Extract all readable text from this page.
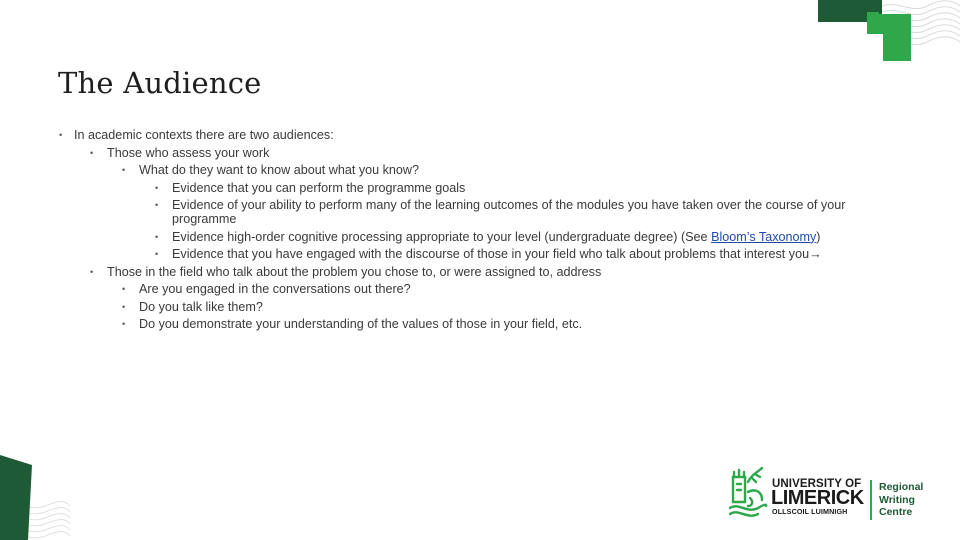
The Audience
• In academic contexts there are two audiences:
• Those who assess your work
• What do they want to know about what you know?
• Evidence that you can perform the programme goals
• Evidence of your ability to perform many of the learning outcomes of the modules you have taken over the course of your programme
• Evidence high-order cognitive processing appropriate to your level (undergraduate degree) (See Bloom’s Taxonomy)
• Evidence that you have engaged with the discourse of those in your field who talk about problems that interest you→
• Those in the field who talk about the problem you chose to, or were assigned to, address
• Are you engaged in the conversations out there?
• Do you talk like them?
• Do you demonstrate your understanding of the values of those in your field, etc.
UNIVERSITY OF
LIMERICK
OLLSCOIL LUIMNIGH
Regional
Writing
Centre
